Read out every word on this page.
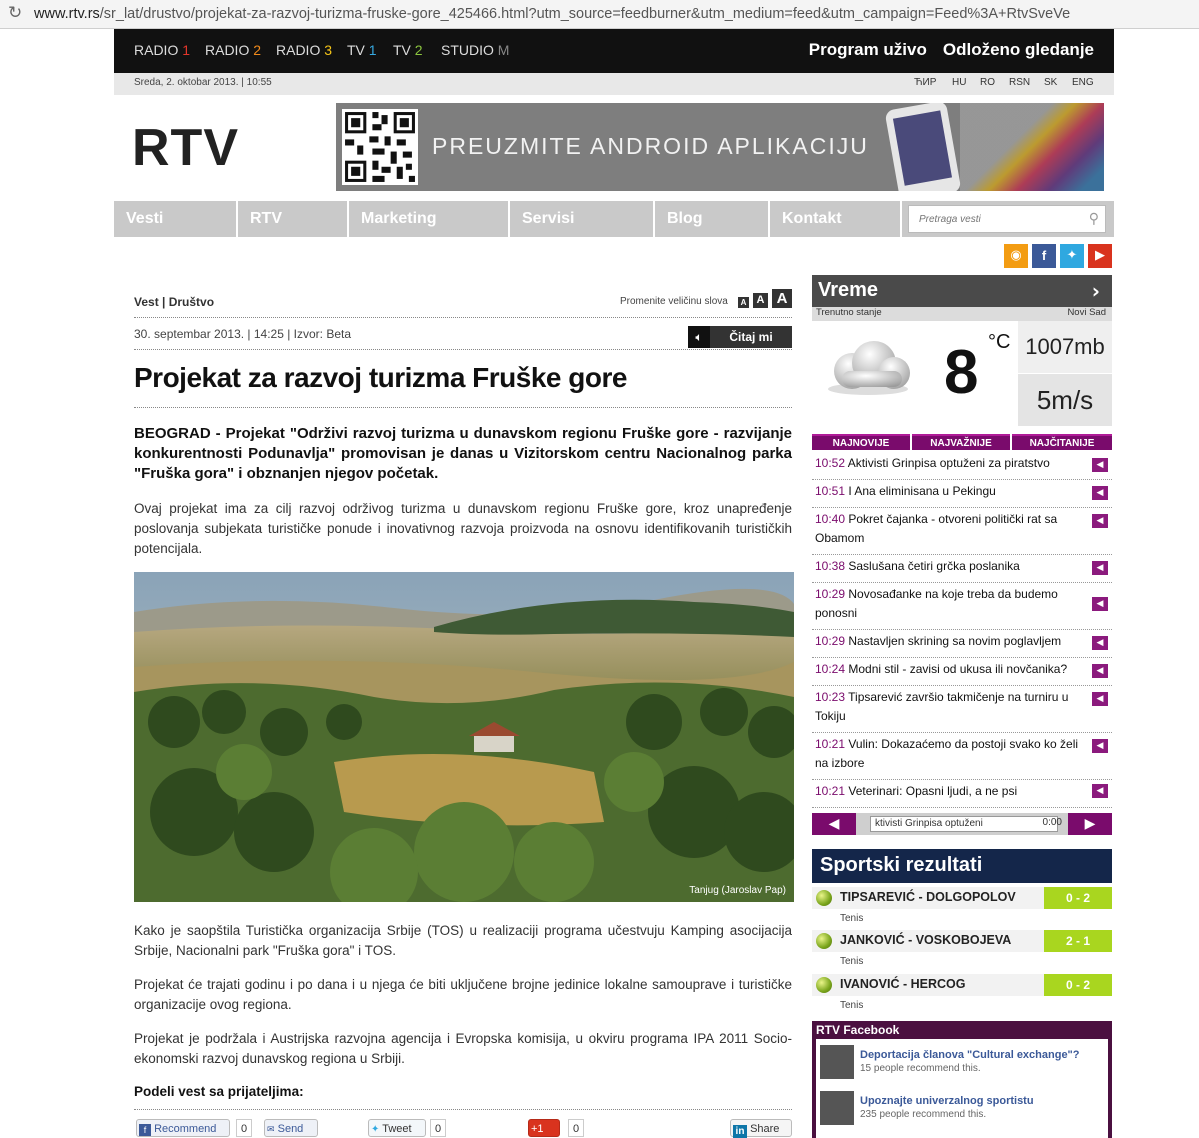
↻ www.rtv.rs/sr_lat/drustvo/projekat-za-razvoj-turizma-fruske-gore_425466.html?utm_source=feedburner&utm_medium=feed&utm_campaign=Feed%3A+RtvSveVe
RADIO 1 RADIO 2 RADIO 3 TV 1 TV 2 STUDIO M	Program uživo Odloženo gledanje
Sreda, 2. oktobar 2013. | 10:55	ЋИР HU RO RSN SK ENG
RTV	PREUZMITE ANDROID APLIKACIJU
Vesti	RTV	Marketing	Servisi	Blog	Kontakt
Pretraga vesti	⚲
◉	f	✦	▶
Vest | Društvo	Promenite veličinu slova	A A A
30. septembar 2013. | 14:25 | Izvor: Beta	🔈︎	Čitaj mi
Projekat za razvoj turizma Fruške gore
BEOGRAD - Projekat "Održivi razvoj turizma u dunavskom regionu Fruške gore - razvijanje konkurentnosti Podunavlja" promovisan je danas u Vizitorskom centru Nacionalnog parka "Fruška gora" i obznanjen njegov početak.
Ovaj projekat ima za cilj razvoj održivog turizma u dunavskom regionu Fruške gore, kroz unapređenje poslovanja subjekata turističke ponude i inovativnog razvoja proizvoda na osnovu identifikovanih turističkih potencijala.
Tanjug (Jaroslav Pap)
Kako je saopštila Turistička organizacija Srbije (TOS) u realizaciji programa učestvuju Kamping asocijacija Srbije, Nacionalni park "Fruška gora" i TOS.
Projekat će trajati godinu i po dana i u njega će biti uključene brojne jedinice lokalne samouprave i turističke organizacije ovog regiona.
Projekat je podržala i Austrijska razvojna agencija i Evropska komisija, u okviru programa IPA 2011 Socio-ekonomski razvoj dunavskog regiona u Srbiji.
Podeli vest sa prijateljima:
f Recommend	0	✉ Send	✦ Tweet	0	+1	0	in Share
Vreme	›
Trenutno stanje	Novi Sad
8 °C 1007mb
5m/s
NAJNOVIJE	NAJVAŽNIJE	NAJČITANIJE
10:52 Aktivisti Grinpisa optuženi za piratstvo	◀︎
10:51 I Ana eliminisana u Pekingu	◀︎
10:40 Pokret čajanka - otvoreni politički rat sa Obamom
◀︎
10:38 Saslušana četiri grčka poslanika	◀︎
10:29 Novosađanke na koje treba da budemo ponosni
◀︎
10:29 Nastavljen skrining sa novim poglavljem	◀︎
10:24 Modni stil - zavisi od ukusa ili novčanika?	◀︎
10:23 Tipsarević završio takmičenje na turniru u Tokiju
◀︎
10:21 Vulin: Dokazaćemo da postoji svako ko želi na izbore
◀︎
10:21 Veterinari: Opasni ljudi, a ne psi	◀︎
◀	ktivisti Grinpisa optuženi	0:00	▶
Sportski rezultati
TIPSAREVIĆ - DOLGOPOLOV	0 - 2
Tenis
JANKOVIĆ - VOSKOBOJEVA	2 - 1
Tenis
IVANOVIĆ - HERCOG	0 - 2
Tenis
RTV Facebook
Deportacija članova "Cultural exchange"?
15 people recommend this.
Upoznajte univerzalnog sportistu
235 people recommend this.
